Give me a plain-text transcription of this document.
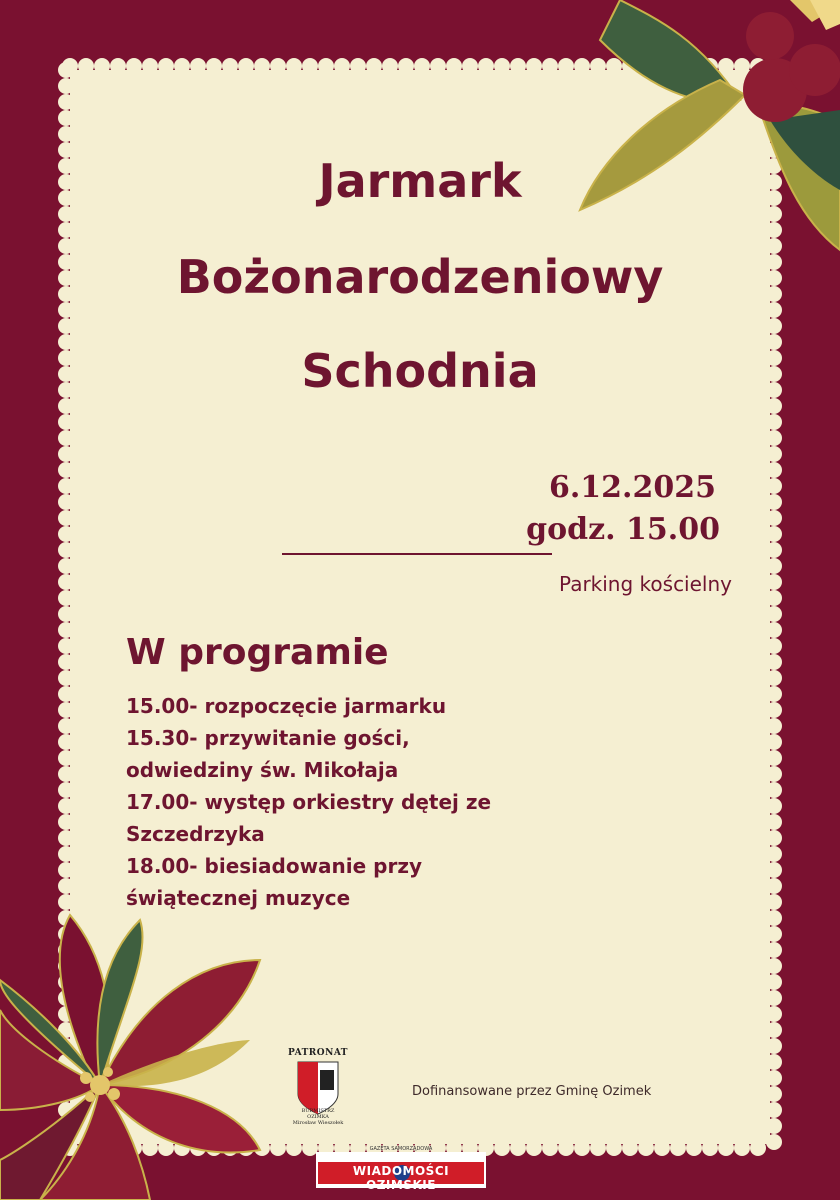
Jarmark
Bożonarodzeniowy
Schodnia
6.12.2025
godz. 15.00
Parking kościelny
W programie
15.00- rozpoczęcie jarmarku
15.30- przywitanie gości,
odwiedziny św. Mikołaja
17.00- występ orkiestry dętej ze
Szczedrzyka
18.00- biesiadowanie przy
świątecznej muzyce
PATRONAT
BURMISTRZ
OZIMKA
Mirosław Wieszołek
Dofinansowane przez Gminę Ozimek
GAZETA SAMORZĄDOWA
WIADOMOŚCI OZIMSKIE
